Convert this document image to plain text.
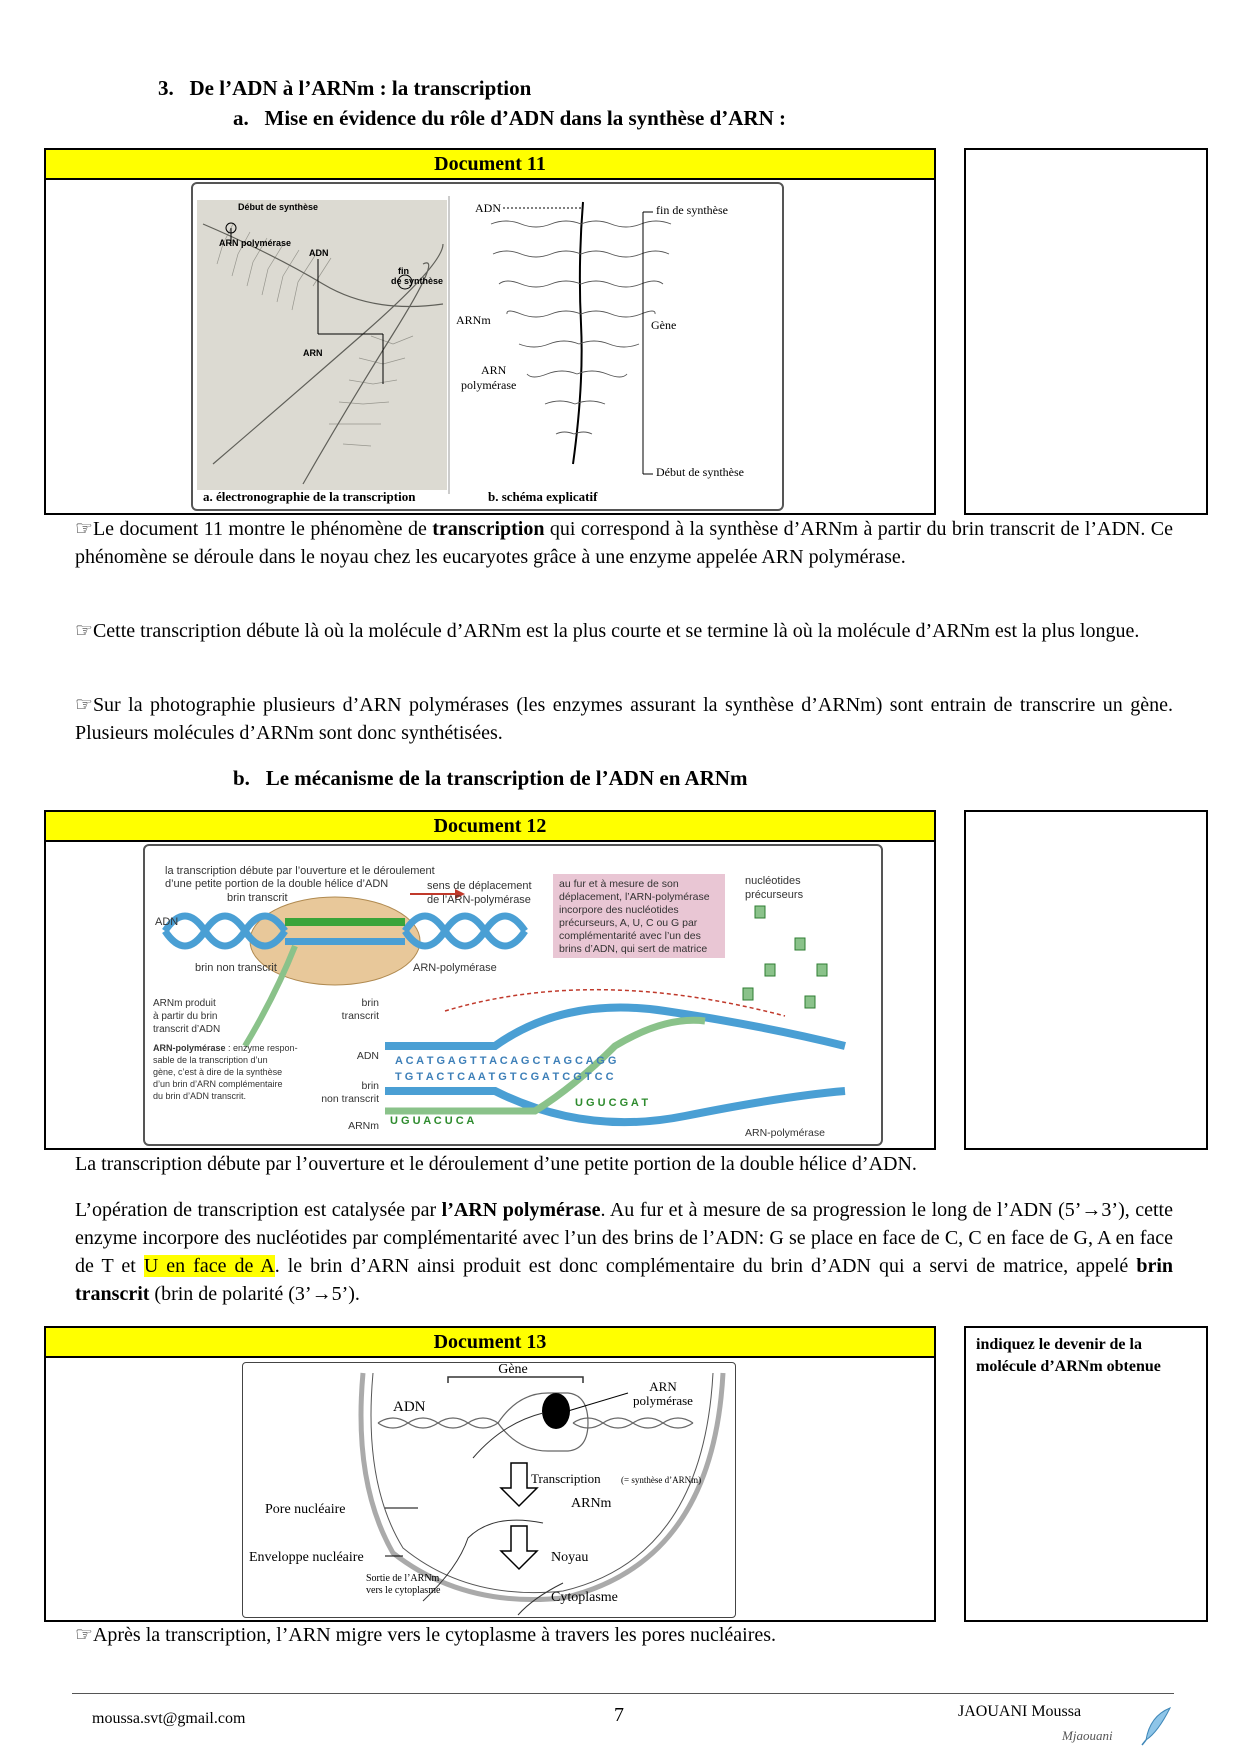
3. De l’ADN à l’ARNm : la transcription
a. Mise en évidence du rôle d’ADN dans la synthèse d’ARN :
Document 11
Début de synthèse
ARN polymérase
ADN
fin
de synthèse
ARN
ADN	fin de synthèse
ARNm	Gène
ARN
polymérase
Début de synthèse
a. électronographie de la transcription	b. schéma explicatif
☞Le document 11 montre le phénomène de transcription qui correspond à la synthèse d’ARNm à partir du brin transcrit de l’ADN. Ce phénomène se déroule dans le noyau chez les eucaryotes grâce à une enzyme appelée ARN polymérase.
☞Cette transcription débute là où la molécule d’ARNm est la plus courte et se termine là où la molécule d’ARNm est la plus longue.
☞Sur la photographie plusieurs d’ARN polymérases (les enzymes assurant la synthèse d’ARNm) sont entrain de transcrire un gène. Plusieurs molécules d’ARNm sont donc synthétisées.
b. Le mécanisme de la transcription de l’ADN en ARNm
Document 12
A C A T G A G T T A C A G C T A G C A G G
T G T A C T C A A T G T C G A T C G T C C
U G U A C U C A
U G U C G A T
la transcription débute par l’ouverture et le déroulement
d’une petite portion de la double hélice d’ADN
brin transcrit
ADN
brin non transcrit
sens de déplacement
de l’ARN-polymérase
ARN-polymérase
au fur et à mesure de son
déplacement, l’ARN-polymérase
incorpore des nucléotides
précurseurs, A, U, C ou G par
complémentarité avec l’un des
brins d’ADN, qui sert de matrice
nucléotides
précurseurs
ARNm produit
à partir du brin
transcrit d’ADN
ARN-polymérase : enzyme respon-
sable de la transcription d’un
gène, c’est à dire de la synthèse
d’un brin d’ARN complémentaire
du brin d’ADN transcrit.
brin
transcrit
ADN
brin
non transcrit
ARNm
ARN-polymérase
La transcription débute par l’ouverture et le déroulement d’une petite portion de la double hélice d’ADN.
L’opération de transcription est catalysée par l’ARN polymérase. Au fur et à mesure de sa progression le long de l’ADN (5’→3’), cette enzyme incorpore des nucléotides par complémentarité avec l’un des brins de l’ADN: G se place en face de C, C en face de G, A en face de T et U en face de A. le brin d’ARN ainsi produit est donc complémentaire du brin d’ADN qui a servi de matrice, appelé brin transcrit (brin de polarité (3’→5’).
Document 13
Gène
ADN
ARN
polymérase
Transcription (= synthèse d’ARNm)
ARNm
Pore nucléaire
Enveloppe nucléaire	Noyau
Sortie de l’ARNm
vers le cytoplasme	Cytoplasme
indiquez le devenir de la molécule d’ARNm obtenue
☞Après la transcription, l’ARN migre vers le cytoplasme à travers les pores nucléaires.
moussa.svt@gmail.com	7	JAOUANI Moussa
Mjaouani
